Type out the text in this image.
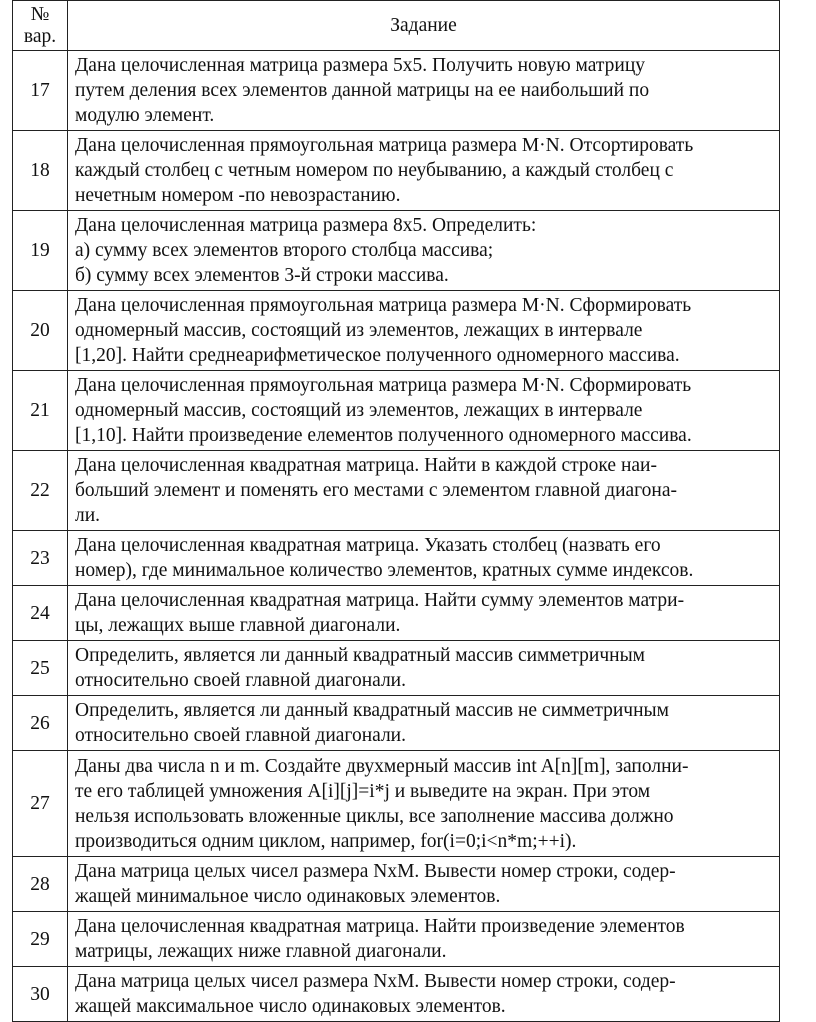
№
вар.	Задание
17	Дана целочисленная матрица размера 5х5. Получить новую матрицу
путем деления всех элементов данной матрицы на ее наибольший по
модулю элемент.

18	Дана целочисленная прямоугольная матрица размера M·N. Отсортировать
каждый столбец с четным номером по неубыванию, а каждый столбец с
нечетным номером -по невозрастанию.

19	Дана целочисленная матрица размера 8х5. Определить:
а) сумму всех элементов второго столбца массива;
б) сумму всех элементов 3-й строки массива.

20	Дана целочисленная прямоугольная матрица размера M·N. Сформировать
одномерный массив, состоящий из элементов, лежащих в интервале
[1,20]. Найти среднеарифметическое полученного одномерного массива.

21	Дана целочисленная прямоугольная матрица размера M·N. Сформировать
одномерный массив, состоящий из элементов, лежащих в интервале
[1,10]. Найти произведение елементов полученного одномерного массива.

22	Дана целочисленная квадратная матрица. Найти в каждой строке наи-
больший элемент и поменять его местами с элементом главной диагона-
ли.

23	Дана целочисленная квадратная матрица. Указать столбец (назвать его
номер), где минимальное количество элементов, кратных сумме индексов.

24	Дана целочисленная квадратная матрица. Найти сумму элементов матри-
цы, лежащих выше главной диагонали.

25	Определить, является ли данный квадратный массив симметричным
относительно своей главной диагонали.

26	Определить, является ли данный квадратный массив не симметричным
относительно своей главной диагонали.

27	Даны два числа n и m. Создайте двухмерный массив int A[n][m], заполни-
те его таблицей умножения A[i][j]=i*j и выведите на экран. При этом
нельзя использовать вложенные циклы, все заполнение массива должно
производиться одним циклом, например, for(i=0;i<n*m;++i).

28	Дана матрица целых чисел размера NxM. Вывести номер строки, содер-
жащей минимальное число одинаковых элементов.

29	Дана целочисленная квадратная матрица. Найти произведение элементов
матрицы, лежащих ниже главной диагонали.

30	Дана матрица целых чисел размера NxM. Вывести номер строки, содер-
жащей максимальное число одинаковых элементов.
